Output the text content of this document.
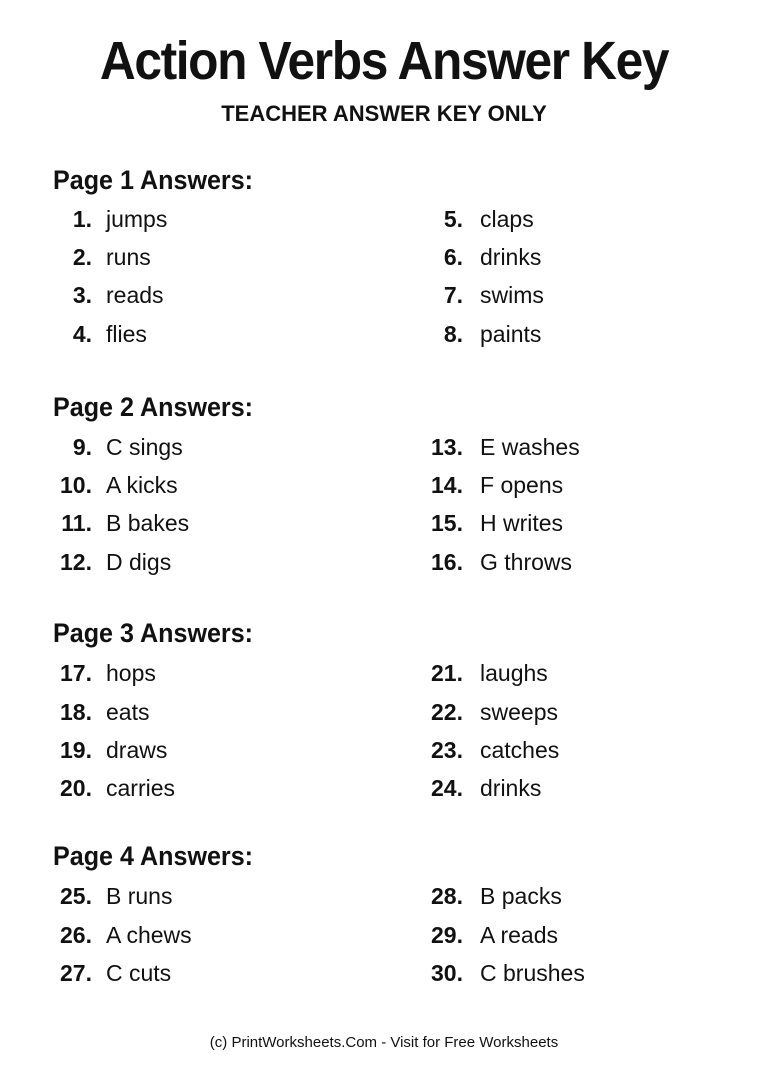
Action Verbs Answer Key
TEACHER ANSWER KEY ONLY
Page 1 Answers:
1.
2.
3.
4.
jumps
runs
reads
flies
5.
6.
7.
8.
claps
drinks
swims
paints
Page 2 Answers:
9.
10.
11.
12.
C sings
A kicks
B bakes
D digs
13.
14.
15.
16.
E washes
F opens
H writes
G throws
Page 3 Answers:
17.
18.
19.
20.
hops
eats
draws
carries
21.
22.
23.
24.
laughs
sweeps
catches
drinks
Page 4 Answers:
25.
26.
27.
B runs
A chews
C cuts
28.
29.
30.
B packs
A reads
C brushes
(c) PrintWorksheets.Com - Visit for Free Worksheets
